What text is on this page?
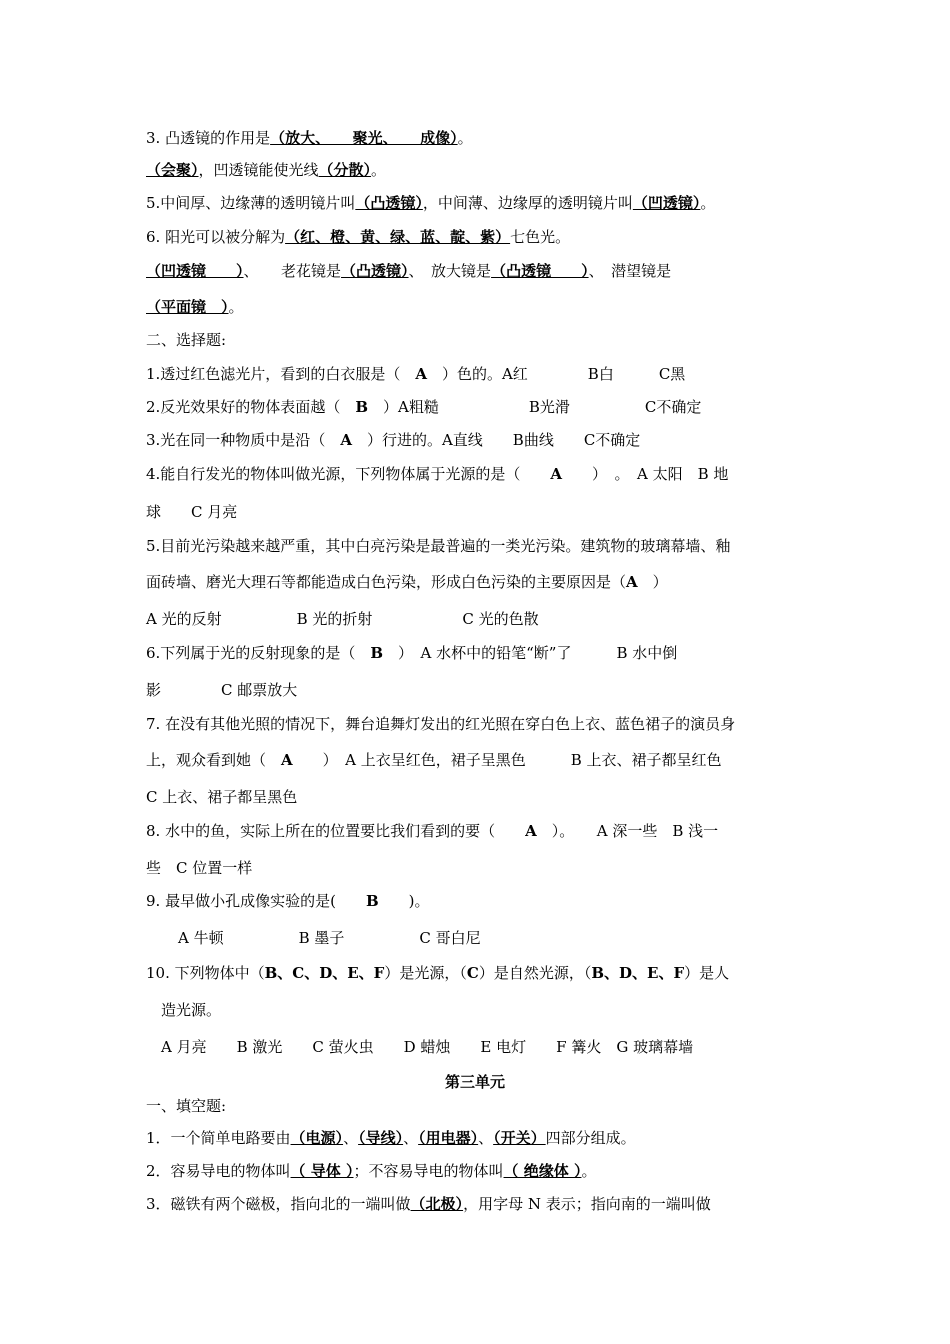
3. 凸透镜的作用是（放大、　　聚光、　　成像）。
（会聚），凹透镜能使光线（分散）。
5.中间厚、边缘薄的透明镜片叫（凸透镜），中间薄、边缘厚的透明镜片叫（凹透镜）。
6. 阳光可以被分解为（红、橙、黄、绿、蓝、靛、紫）七色光。
（凹透镜　　）、　　老花镜是（凸透镜）、　放大镜是（凸透镜　　）、　潜望镜是
（平面镜　）。
二、选择题:
1.透过红色滤光片，看到的白衣服是（　A　）色的。A红　　　　B白　　　C黑
2.反光效果好的物体表面越（　B　）A粗糙　　　　　　B光滑　　　　　C不确定
3.光在同一种物质中是沿（　A　）行进的。A直线　　B曲线　　C不确定
4.能自行发光的物体叫做光源，下列物体属于光源的是（　　A　　）　。　A 太阳　B 地
球　　C 月亮
5.目前光污染越来越严重，其中白亮污染是最普遍的一类光污染。建筑物的玻璃幕墙、釉
面砖墙、磨光大理石等都能造成白色污染，形成白色污染的主要原因是（A　）
A 光的反射　　　　　B 光的折射　　　　　　C 光的色散
6.下列属于光的反射现象的是（　B　）　A 水杯中的铅笔“断”了　　　B 水中倒
影　　　　C 邮票放大
7. 在没有其他光照的情况下，舞台追舞灯发出的红光照在穿白色上衣、蓝色裙子的演员身
上，观众看到她（　A　　）　A 上衣呈红色，裙子呈黑色　　　B 上衣、裙子都呈红色
C 上衣、裙子都呈黑色
8. 水中的鱼，实际上所在的位置要比我们看到的要（　　A　）。　　A 深一些　B 浅一
些　C 位置一样
9. 最早做小孔成像实验的是(　　B　　)。
A 牛顿　　　　　B 墨子　　　　　C 哥白尼
10. 下列物体中（B、C、D、E、F）是光源，（C）是自然光源，（B、D、E、F）是人
造光源。
A 月亮　　B 激光　　C 萤火虫　　D 蜡烛　　E 电灯　　F 篝火　G 玻璃幕墙
第三单元
一、填空题:
1．一个简单电路要由（电源）、（导线）、（用电器）、（开关）四部分组成。
2．容易导电的物体叫（ 导体 ）；不容易导电的物体叫（ 绝缘体 ）。
3．磁铁有两个磁极，指向北的一端叫做（北极），用字母 N 表示；指向南的一端叫做
